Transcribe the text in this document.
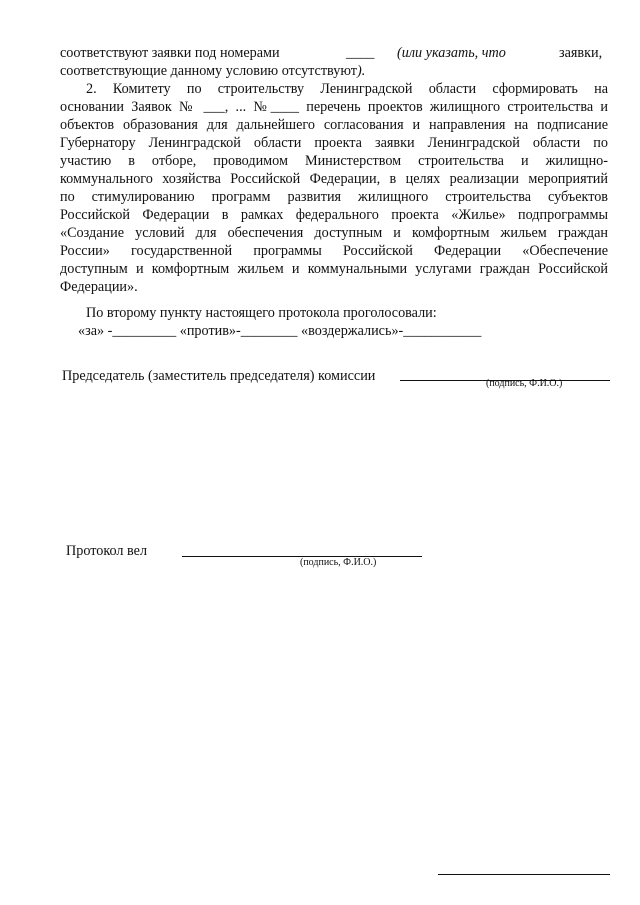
соответствуют заявки под номерами	____ (или указать, что	заявки,
соответствующие данному условию отсутствуют).
2. Комитету по строительству Ленинградской области сформировать на
основании Заявок № ___, ... №____ перечень проектов жилищного строительства и
объектов образования для дальнейшего согласования и направления на подписание
Губернатору Ленинградской области проекта заявки Ленинградской области по
участию в отборе, проводимом Министерством строительства и жилищно-
коммунального хозяйства Российской Федерации, в целях реализации мероприятий
по стимулированию программ развития жилищного строительства субъектов
Российской Федерации в рамках федерального проекта «Жилье» подпрограммы
«Создание условий для обеспечения доступным и комфортным жильем граждан
России» государственной программы Российской Федерации «Обеспечение
доступным и комфортным жильем и коммунальными услугами граждан Российской
Федерации».
По второму пункту настоящего протокола проголосовали:
«за» -_________ «против»-________ «воздержались»-___________
Председатель (заместитель председателя) комиссии	(подпись, Ф.И.О.)
Протокол вел
(подпись, Ф.И.О.)
